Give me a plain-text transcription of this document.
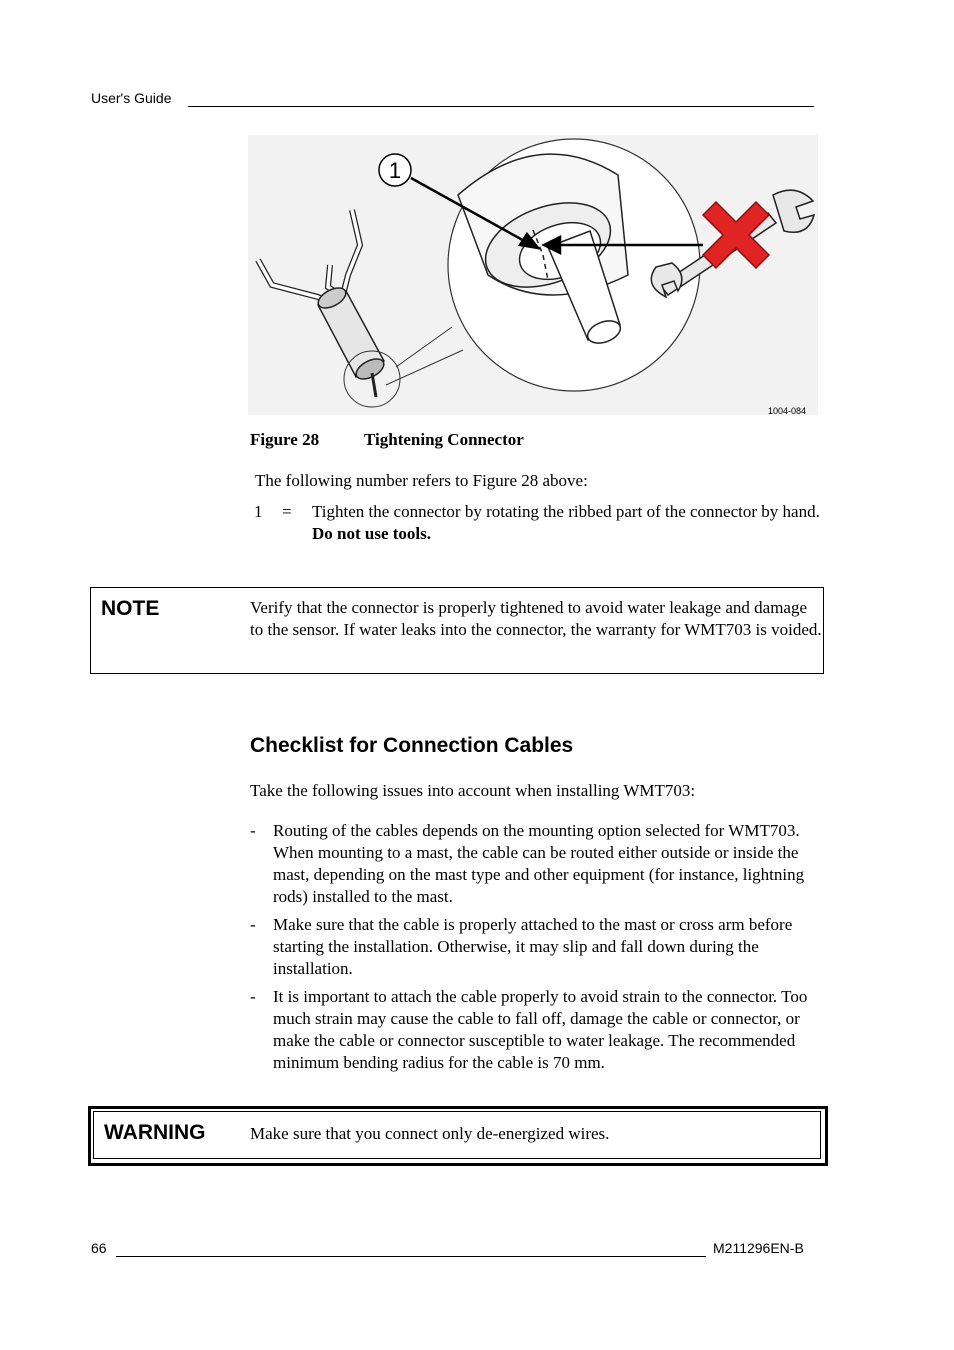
User's Guide
1
1004-084
Figure 28	Tightening Connector
The following number refers to Figure 28 above:
1 = Tighten the connector by rotating the ribbed part of the connector by hand. Do not use tools.
NOTE	Verify that the connector is properly tightened to avoid water leakage and damage to the sensor. If water leaks into the connector, the warranty for WMT703 is voided.
Checklist for Connection Cables
Take the following issues into account when installing WMT703:
- Routing of the cables depends on the mounting option selected for WMT703. When mounting to a mast, the cable can be routed either outside or inside the mast, depending on the mast type and other equipment (for instance, lightning rods) installed to the mast.
- Make sure that the cable is properly attached to the mast or cross arm before starting the installation. Otherwise, it may slip and fall down during the installation.
- It is important to attach the cable properly to avoid strain to the connector. Too much strain may cause the cable to fall off, damage the cable or connector, or make the cable or connector susceptible to water leakage. The recommended minimum bending radius for the cable is 70 mm.
WARNING	Make sure that you connect only de-energized wires.
66	M211296EN-B
